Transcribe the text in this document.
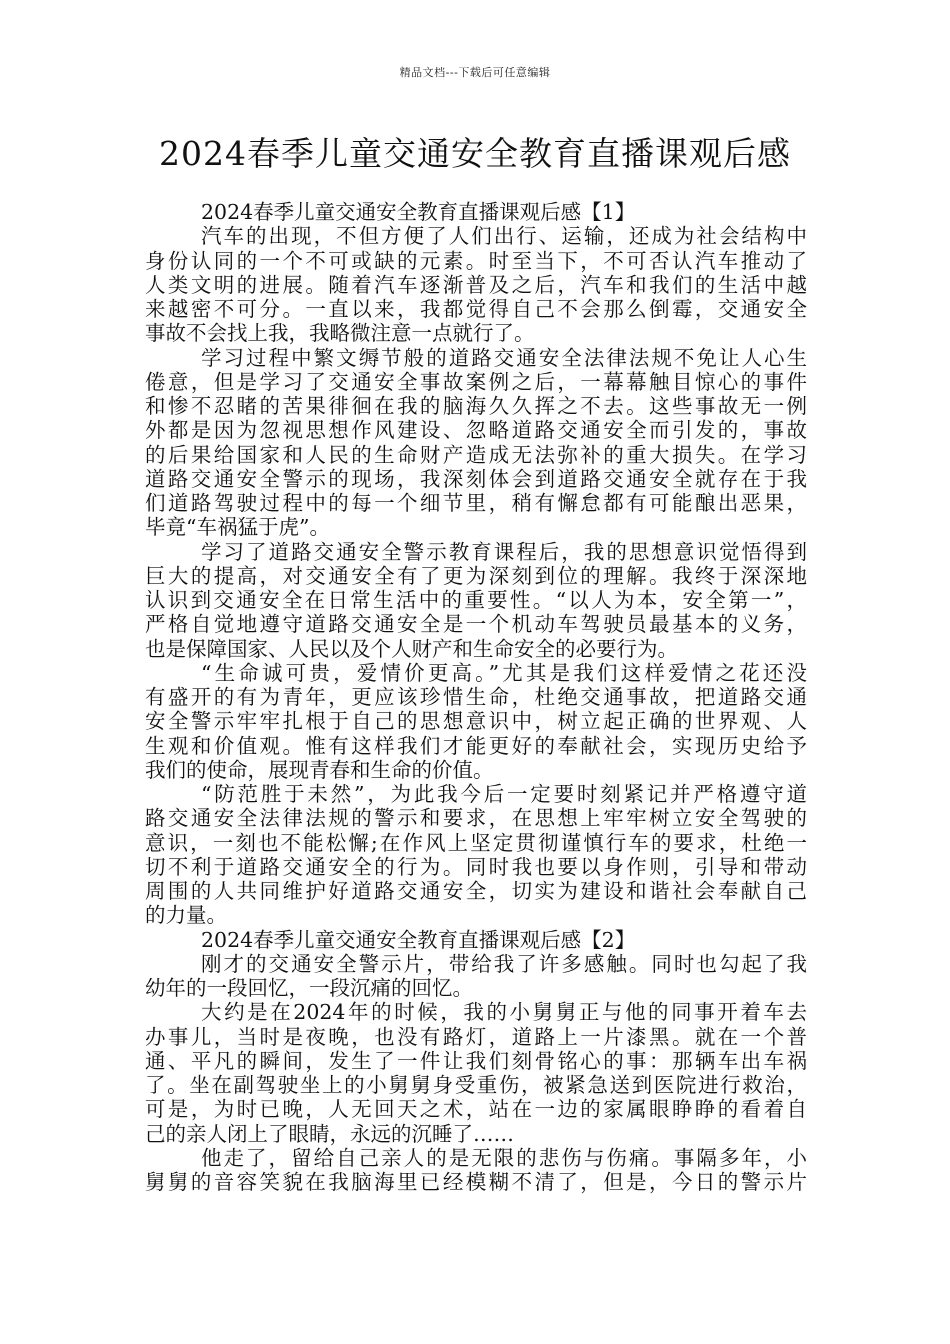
精品文档---下载后可任意编辑
2024春季儿童交通安全教育直播课观后感
2024春季儿童交通安全教育直播课观后感【1】
汽车的出现，不但方便了人们出行、运输，还成为社会结构中
身份认同的一个不可或缺的元素。时至当下，不可否认汽车推动了
人类文明的进展。随着汽车逐渐普及之后，汽车和我们的生活中越
来越密不可分。一直以来，我都觉得自己不会那么倒霉，交通安全
事故不会找上我，我略微注意一点就行了。
学习过程中繁文缛节般的道路交通安全法律法规不免让人心生
倦意，但是学习了交通安全事故案例之后，一幕幕触目惊心的事件
和惨不忍睹的苦果徘徊在我的脑海久久挥之不去。这些事故无一例
外都是因为忽视思想作风建设、忽略道路交通安全而引发的，事故
的后果给国家和人民的生命财产造成无法弥补的重大损失。在学习
道路交通安全警示的现场，我深刻体会到道路交通安全就存在于我
们道路驾驶过程中的每一个细节里，稍有懈怠都有可能酿出恶果，
毕竟“车祸猛于虎”。
学习了道路交通安全警示教育课程后，我的思想意识觉悟得到
巨大的提高，对交通安全有了更为深刻到位的理解。我终于深深地
认识到交通安全在日常生活中的重要性。“以人为本，安全第一”，
严格自觉地遵守道路交通安全是一个机动车驾驶员最基本的义务，
也是保障国家、人民以及个人财产和生命安全的必要行为。
“生命诚可贵，爱情价更高。”尤其是我们这样爱情之花还没
有盛开的有为青年，更应该珍惜生命，杜绝交通事故，把道路交通
安全警示牢牢扎根于自己的思想意识中，树立起正确的世界观、人
生观和价值观。惟有这样我们才能更好的奉献社会，实现历史给予
我们的使命，展现青春和生命的价值。
“防范胜于未然”，为此我今后一定要时刻紧记并严格遵守道
路交通安全法律法规的警示和要求，在思想上牢牢树立安全驾驶的
意识，一刻也不能松懈;在作风上坚定贯彻谨慎行车的要求，杜绝一
切不利于道路交通安全的行为。同时我也要以身作则，引导和带动
周围的人共同维护好道路交通安全，切实为建设和谐社会奉献自己
的力量。
2024春季儿童交通安全教育直播课观后感【2】
刚才的交通安全警示片，带给我了许多感触。同时也勾起了我
幼年的一段回忆，一段沉痛的回忆。
大约是在2024年的时候，我的小舅舅正与他的同事开着车去
办事儿，当时是夜晚，也没有路灯，道路上一片漆黑。就在一个普
通、平凡的瞬间，发生了一件让我们刻骨铭心的事：那辆车出车祸
了。坐在副驾驶坐上的小舅舅身受重伤，被紧急送到医院进行救治，
可是，为时已晚，人无回天之术，站在一边的家属眼睁睁的看着自
己的亲人闭上了眼睛，永远的沉睡了……
他走了，留给自己亲人的是无限的悲伤与伤痛。事隔多年，小
舅舅的音容笑貌在我脑海里已经模糊不清了，但是，今日的警示片
